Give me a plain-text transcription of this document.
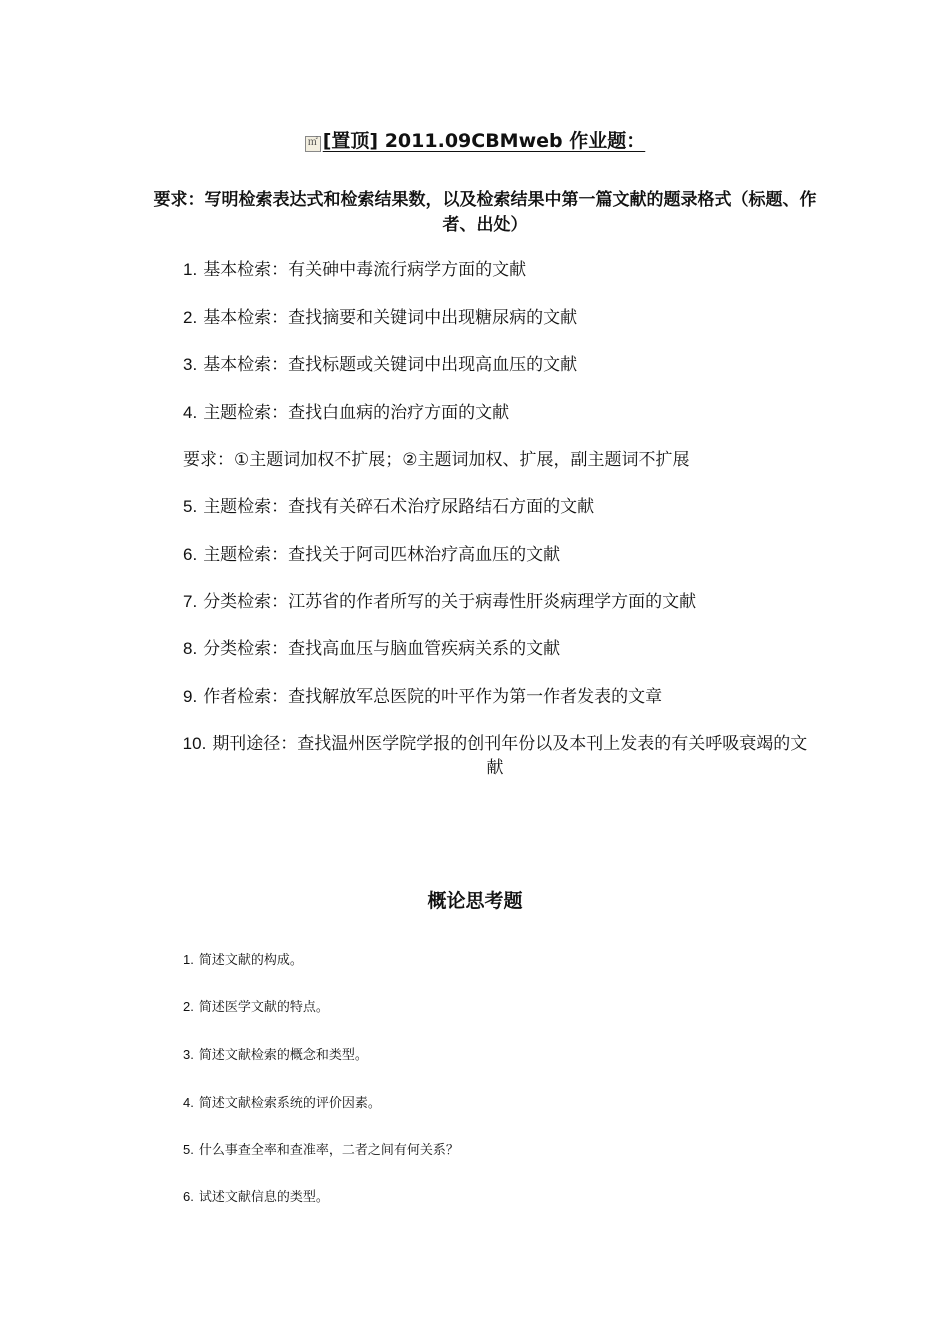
㎡ [置顶] 2011.09CBMweb 作业题：
要求：写明检索表达式和检索结果数，以及检索结果中第一篇文献的题录格式（标题、作者、出处）
1. 基本检索：有关砷中毒流行病学方面的文献
2. 基本检索：查找摘要和关键词中出现糖尿病的文献
3. 基本检索：查找标题或关键词中出现高血压的文献
4. 主题检索：查找白血病的治疗方面的文献
要求：①主题词加权不扩展；②主题词加权、扩展，副主题词不扩展
5. 主题检索：查找有关碎石术治疗尿路结石方面的文献
6. 主题检索：查找关于阿司匹林治疗高血压的文献
7. 分类检索：江苏省的作者所写的关于病毒性肝炎病理学方面的文献
8. 分类检索：查找高血压与脑血管疾病关系的文献
9. 作者检索：查找解放军总医院的叶平作为第一作者发表的文章
10. 期刊途径：查找温州医学院学报的创刊年份以及本刊上发表的有关呼吸衰竭的文献
概论思考题
1. 简述文献的构成。
2. 简述医学文献的特点。
3. 简述文献检索的概念和类型。
4. 简述文献检索系统的评价因素。
5. 什么事查全率和查准率，二者之间有何关系？
6. 试述文献信息的类型。
